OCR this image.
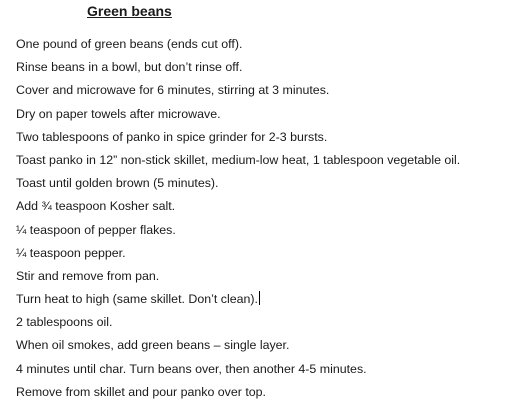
Green beans
One pound of green beans (ends cut off).
Rinse beans in a bowl, but don’t rinse off.
Cover and microwave for 6 minutes, stirring at 3 minutes.
Dry on paper towels after microwave.
Two tablespoons of panko in spice grinder for 2-3 bursts.
Toast panko in 12” non-stick skillet, medium-low heat, 1 tablespoon vegetable oil.
Toast until golden brown (5 minutes).
Add ¾ teaspoon Kosher salt.
¼ teaspoon of pepper flakes.
¼ teaspoon pepper.
Stir and remove from pan.
Turn heat to high (same skillet. Don’t clean).
2 tablespoons oil.
When oil smokes, add green beans – single layer.
4 minutes until char. Turn beans over, then another 4-5 minutes.
Remove from skillet and pour panko over top.
